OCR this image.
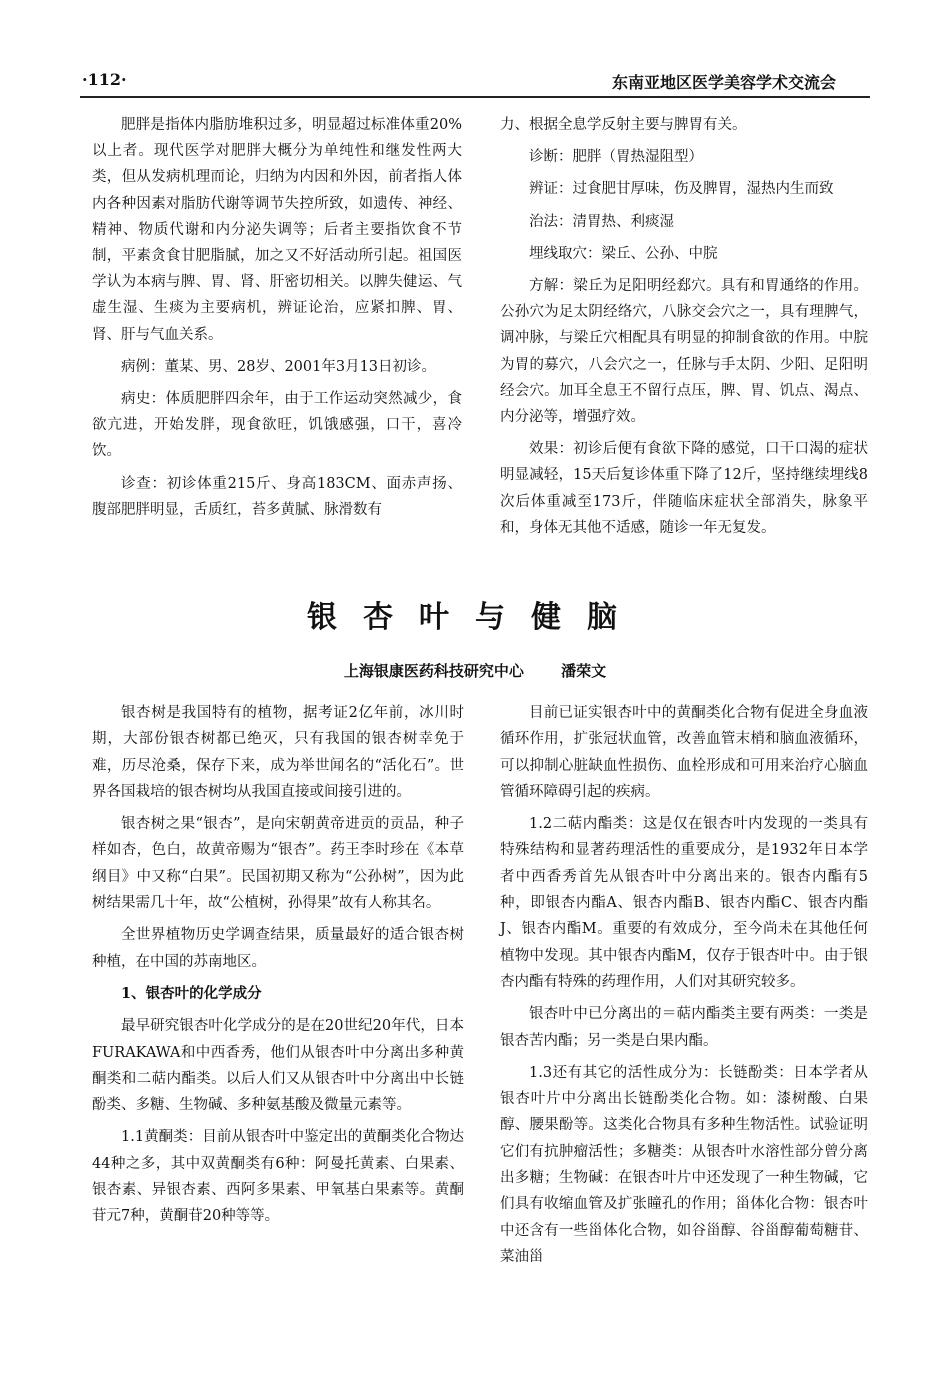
·112·	东南亚地区医学美容学术交流会

肥胖是指体内脂肪堆积过多，明显超过标准体重20%以上者。现代医学对肥胖大概分为单纯性和继发性两大类，但从发病机理而论，归纳为内因和外因，前者指人体内各种因素对脂肪代谢等调节失控所致，如遗传、神经、精神、物质代谢和内分泌失调等；后者主要指饮食不节制，平素贪食甘肥脂腻，加之又不好活动所引起。祖国医学认为本病与脾、胃、肾、肝密切相关。以脾失健运、气虚生湿、生痰为主要病机，辨证论治，应紧扣脾、胃、肾、肝与气血关系。

病例：董某、男、28岁、2001年3月13日初诊。

病史：体质肥胖四余年，由于工作运动突然减少，食欲亢进，开始发胖，现食欲旺，饥饿感强，口干，喜冷饮。

诊查：初诊体重215斤、身高183CM、面赤声扬、腹部肥胖明显，舌质红，苔多黄腻、脉滑数有

力、根据全息学反射主要与脾胃有关。

诊断：肥胖（胃热湿阻型）

辨证：过食肥甘厚味，伤及脾胃，湿热内生而致

治法：清胃热、利痰湿

埋线取穴：梁丘、公孙、中脘

方解：梁丘为足阳明经郄穴。具有和胃通络的作用。公孙穴为足太阴经络穴，八脉交会穴之一，具有理脾气，调冲脉，与梁丘穴相配具有明显的抑制食欲的作用。中脘为胃的募穴，八会穴之一，任脉与手太阴、少阳、足阳明经会穴。加耳全息王不留行点压，脾、胃、饥点、渴点、内分泌等，增强疗效。

效果：初诊后便有食欲下降的感觉，口干口渴的症状明显减轻，15天后复诊体重下降了12斤，坚持继续埋线8次后体重减至173斤，伴随临床症状全部消失，脉象平和，身体无其他不适感，随诊一年无复发。

银杏叶与健脑
上海银康医药科技研究中心 潘荣文

银杏树是我国特有的植物，据考证2亿年前，冰川时期，大部份银杏树都已绝灭，只有我国的银杏树幸免于难，历尽沧桑，保存下来，成为举世闻名的“活化石”。世界各国栽培的银杏树均从我国直接或间接引进的。

银杏树之果“银杏”，是向宋朝黄帝进贡的贡品，种子样如杏，色白，故黄帝赐为“银杏”。药王李时珍在《本草纲目》中又称“白果”。民国初期又称为“公孙树”，因为此树结果需几十年，故“公植树，孙得果”故有人称其名。

全世界植物历史学调查结果，质量最好的适合银杏树种植，在中国的苏南地区。

1、银杏叶的化学成分

最早研究银杏叶化学成分的是在20世纪20年代，日本FURAKAWA和中西香秀，他们从银杏叶中分离出多种黄酮类和二萜内酯类。以后人们又从银杏叶中分离出中长链酚类、多糖、生物碱、多种氨基酸及微量元素等。

1.1黄酮类：目前从银杏叶中鉴定出的黄酮类化合物达44种之多，其中双黄酮类有6种：阿曼托黄素、白果素、银杏素、异银杏素、西阿多果素、甲氧基白果素等。黄酮苷元7种，黄酮苷20种等等。

目前已证实银杏叶中的黄酮类化合物有促进全身血液循环作用，扩张冠状血管，改善血管末梢和脑血液循环，可以抑制心脏缺血性损伤、血栓形成和可用来治疗心脑血管循环障碍引起的疾病。

1.2二萜内酯类：这是仅在银杏叶内发现的一类具有特殊结构和显著药理活性的重要成分，是1932年日本学者中西香秀首先从银杏叶中分离出来的。银杏内酯有5种，即银杏内酯A、银杏内酯B、银杏内酯C、银杏内酯J、银杏内酯M。重要的有效成分，至今尚未在其他任何植物中发现。其中银杏内酯M，仅存于银杏叶中。由于银杏内酯有特殊的药理作用，人们对其研究较多。

银杏叶中已分离出的＝萜内酯类主要有两类：一类是银杏苦内酯；另一类是白果内酯。

1.3还有其它的活性成分为：长链酚类：日本学者从银杏叶片中分离出长链酚类化合物。如：漆树酸、白果醇、腰果酚等。这类化合物具有多种生物活性。试验证明它们有抗肿瘤活性；多糖类：从银杏叶水溶性部分曾分离出多糖；生物碱：在银杏叶片中还发现了一种生物碱，它们具有收缩血管及扩张瞳孔的作用；甾体化合物：银杏叶中还含有一些甾体化合物，如谷甾醇、谷甾醇葡萄糖苷、菜油甾
